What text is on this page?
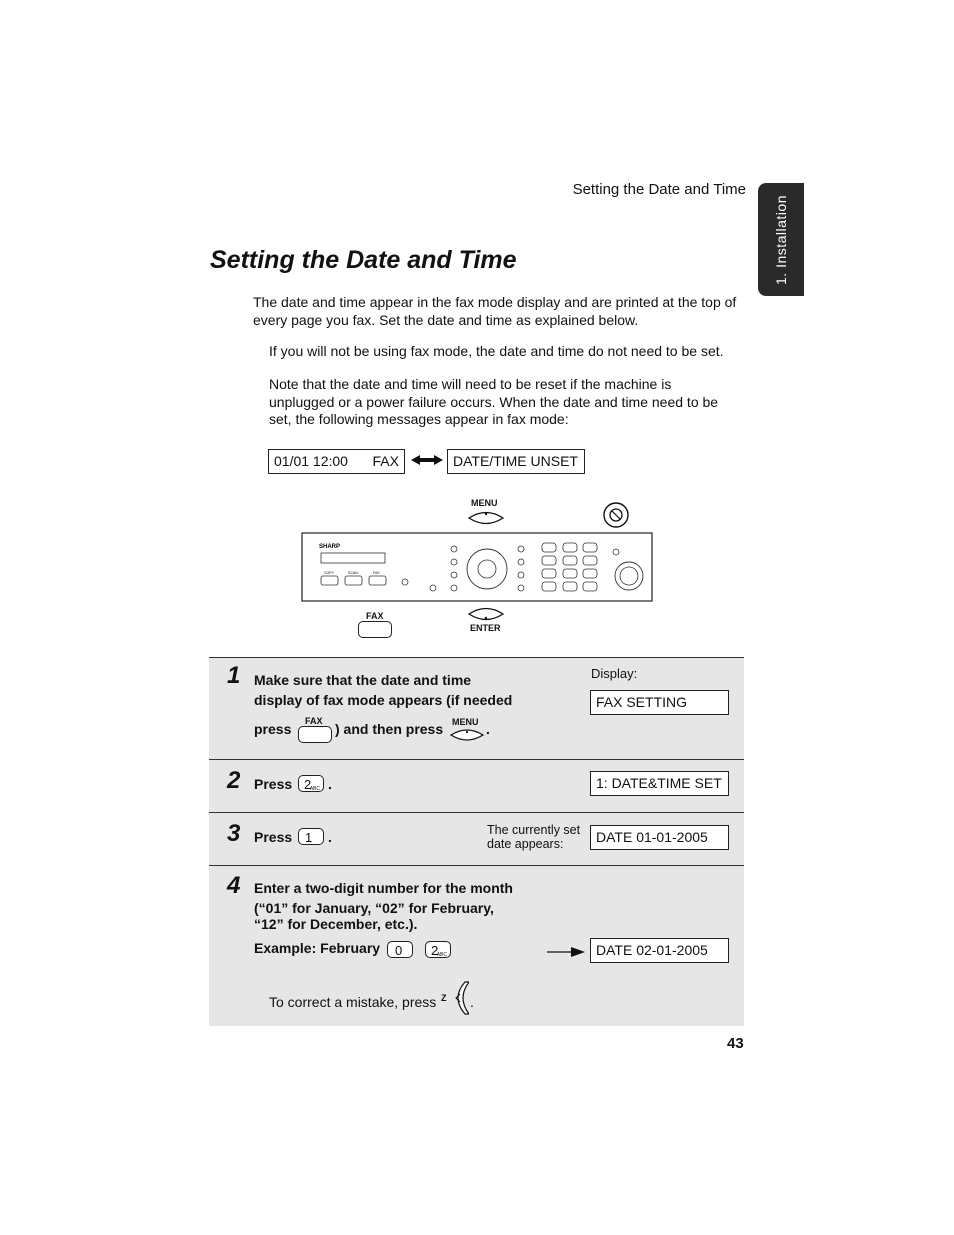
Setting the Date and Time
1. Installation
Setting the Date and Time
The date and time appear in the fax mode display and are printed at the top of
every page you fax. Set the date and time as explained below.
If you will not be using fax mode, the date and time do not need to be set.
Note that the date and time will need to be reset if the machine is
unplugged or a power failure occurs. When the date and time need to be
set, the following messages appear in fax mode:
01/01 12:00 FAX	DATE/TIME UNSET
MENU
SHARP
COPY	SCAN	FAX
ENTER
FAX
1 Make sure that the date and time
display of fax mode appears (if needed
press FAX ) and then press MENU .
Display:
FAX SETTING
2 Press 2
ABC .	1: DATE&TIME SET
3 Press 1 .	The currently set
date appears:	DATE 01-01-2005
4 Enter a two-digit number for the month
(“01” for January, “02” for February,
“12” for December, etc.).
Example: February 0 2
ABC	DATE 02-01-2005
To correct a mistake, press Z .
43
